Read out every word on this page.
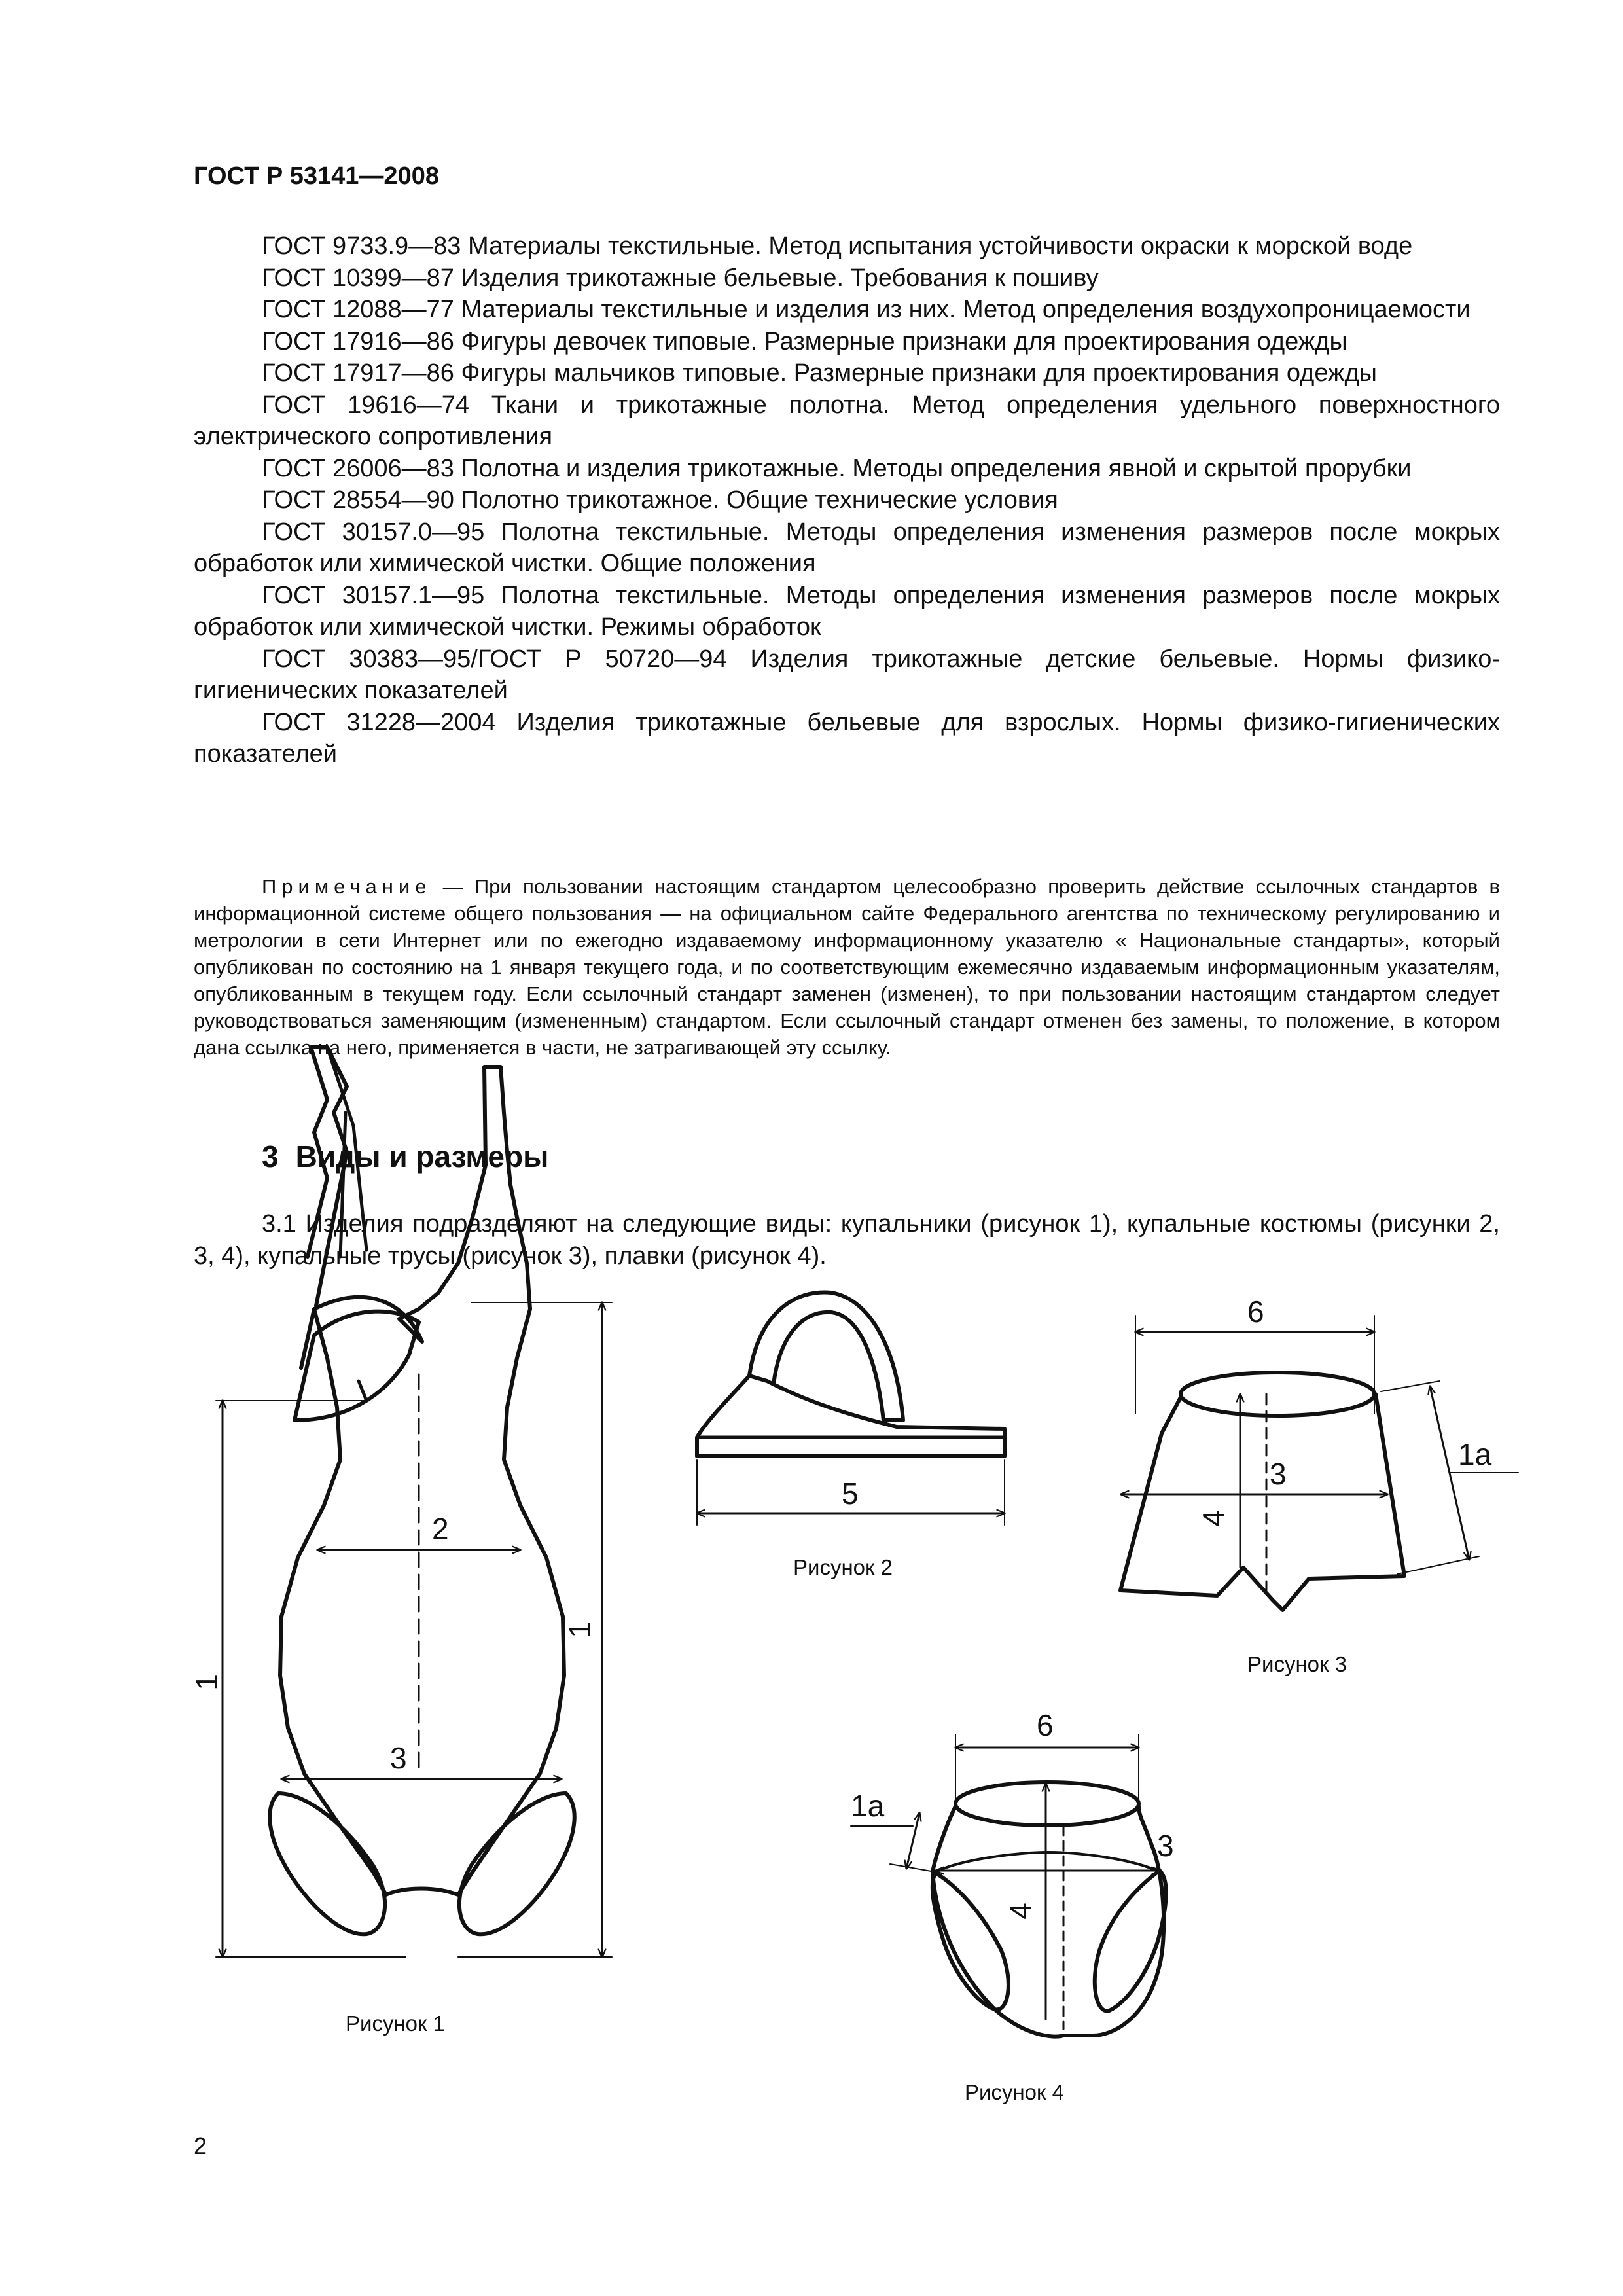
ГОСТ Р 53141—2008

ГОСТ 9733.9—83 Материалы текстильные. Метод испытания устойчивости окраски к морской воде

ГОСТ 10399—87 Изделия трикотажные бельевые. Требования к пошиву

ГОСТ 12088—77 Материалы текстильные и изделия из них. Метод определения воздухопроницаемости

ГОСТ 17916—86 Фигуры девочек типовые. Размерные признаки для проектирования одежды

ГОСТ 17917—86 Фигуры мальчиков типовые. Размерные признаки для проектирования одежды

ГОСТ 19616—74 Ткани и трикотажные полотна. Метод определения удельного поверхностного электрического сопротивления

ГОСТ 26006—83 Полотна и изделия трикотажные. Методы определения явной и скрытой прорубки

ГОСТ 28554—90 Полотно трикотажное. Общие технические условия

ГОСТ 30157.0—95 Полотна текстильные. Методы определения изменения размеров после мокрых обработок или химической чистки. Общие положения

ГОСТ 30157.1—95 Полотна текстильные. Методы определения изменения размеров после мокрых обработок или химической чистки. Режимы обработок

ГОСТ 30383—95/ГОСТ Р 50720—94 Изделия трикотажные детские бельевые. Нормы физико-гигиенических показателей

ГОСТ 31228—2004 Изделия трикотажные бельевые для взрослых. Нормы физико-гигиенических показателей

Примечание — При пользовании настоящим стандартом целесообразно проверить действие ссылочных стандартов в информационной системе общего пользования — на официальном сайте Федерального агентства по техническому регулированию и метрологии в сети Интернет или по ежегодно издаваемому информационному указателю « Национальные стандарты», который опубликован по состоянию на 1 января текущего года, и по соответствующим ежемесячно издаваемым информационным указателям, опубликованным в текущем году. Если ссылочный стандарт заменен (изменен), то при пользовании настоящим стандартом следует руководствоваться заменяющим (измененным) стандартом. Если ссылочный стандарт отменен без замены, то положение, в котором дана ссылка на него, применяется в части, не затрагивающей эту ссылку.

3 Виды и размеры

3.1 Изделия подразделяют на следующие виды: купальники (рисунок 1), купальные костюмы (рисунки 2, 3, 4), купальные трусы (рисунок 3), плавки (рисунок 4).

1
1
2
3
Рисунок 1
5
Рисунок 2
6
3
4
1а
Рисунок 3
6
3
4
1а
Рисунок 4
2
